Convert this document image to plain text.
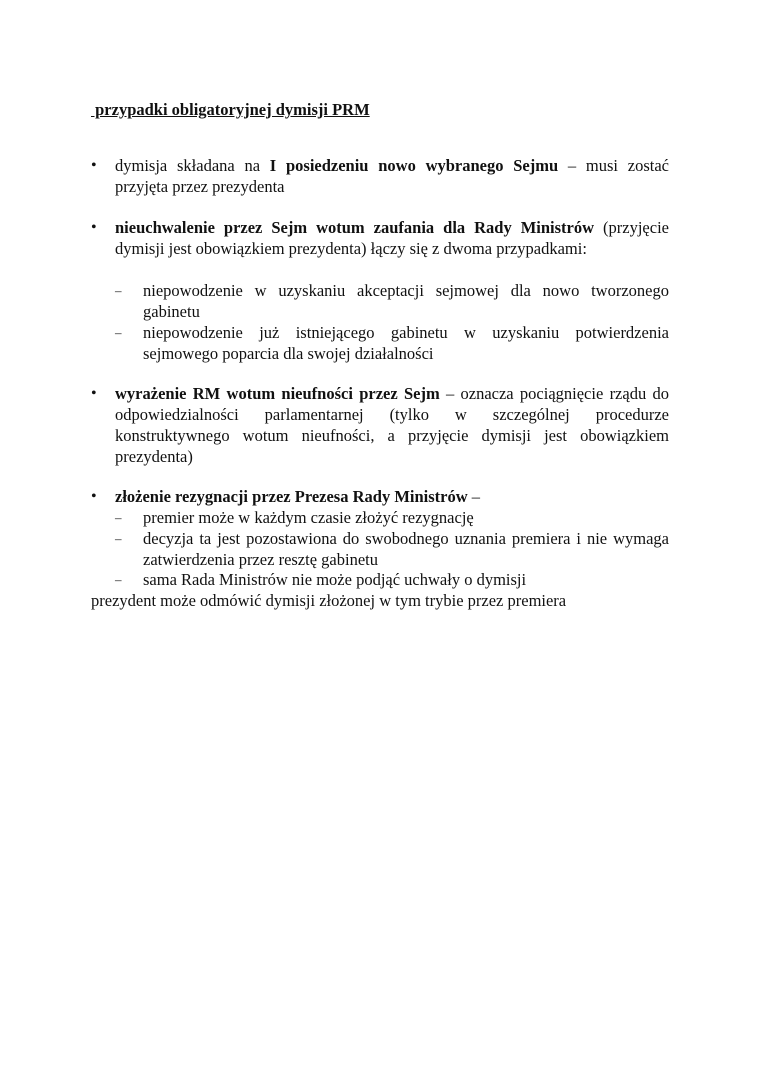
przypadki obligatoryjnej dymisji PRM
•	dymisja składana na I posiedzeniu nowo wybranego Sejmu – musi zostać przyjęta przez prezydenta
•	nieuchwalenie przez Sejm wotum zaufania dla Rady Ministrów (przyjęcie dymisji jest obowiązkiem prezydenta) łączy się z dwoma przypadkami:
–	niepowodzenie w uzyskaniu akceptacji sejmowej dla nowo tworzonego gabinetu
–	niepowodzenie już istniejącego gabinetu w uzyskaniu potwierdzenia sejmowego poparcia dla swojej działalności
•	wyrażenie RM wotum nieufności przez Sejm – oznacza pociągnięcie rządu do odpowiedzialności parlamentarnej (tylko w szczególnej procedurze konstruktywnego wotum nieufności, a przyjęcie dymisji jest obowiązkiem prezydenta)
•	złożenie rezygnacji przez Prezesa Rady Ministrów –
–	premier może w każdym czasie złożyć rezygnację
–	decyzja ta jest pozostawiona do swobodnego uznania premiera i nie wymaga zatwierdzenia przez resztę gabinetu
–	sama Rada Ministrów nie może podjąć uchwały o dymisji
prezydent może odmówić dymisji złożonej w tym trybie przez premiera
